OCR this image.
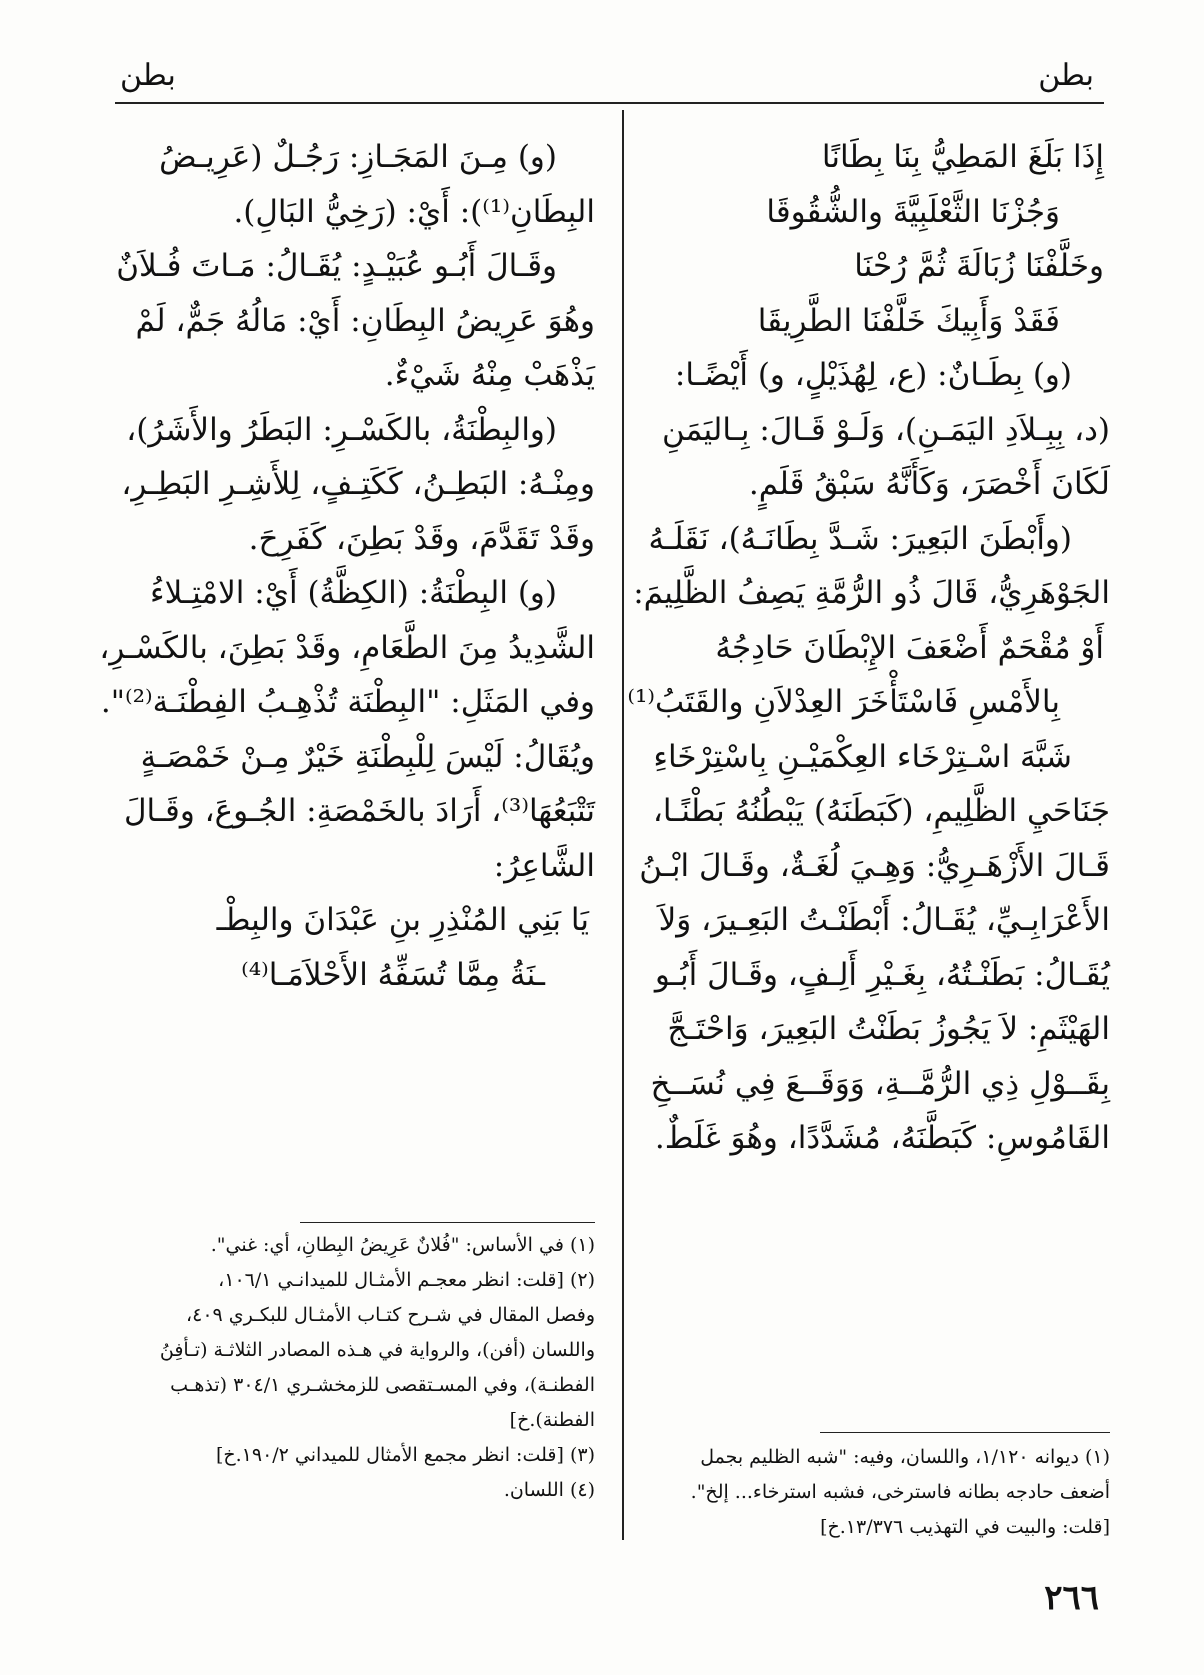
بطن
بطن
إِذَا بَلَغَ المَطِيُّ بِنَا بِطَانًا
وَجُزْنَا الثَّعْلَبِيَّةَ والشُّقُوقَا
وخَلَّفْنَا زُبَالَةَ ثُمَّ رُحْنَا
فَقَدْ وَأَبِيكَ خَلَّفْنَا الطَّرِيقَا
(و) بِطَـانٌ: (ع، لِهُذَيْلٍ، و) أَيْضًـا:
(د، بِبِـلاَدِ اليَمَـنِ)، وَلَـوْ قَـالَ: بِـاليَمَنِ
لَكَانَ أَخْصَرَ، وَكَأَنَّهُ سَبْقُ قَلَمٍ.
(وأَبْطَنَ البَعِيرَ: شَـدَّ بِطَانَـهُ)، نَقَلَـهُ
الجَوْهَرِيُّ، قَالَ ذُو الرُّمَّةِ يَصِفُ الظَّلِيمَ:
أَوْ مُقْحَمٌ أَضْعَفَ الإِبْطَانَ حَادِجُهُ
بِالأَمْسِ فَاسْتَأْخَرَ العِدْلاَنِ والقَتَبُ⁽¹⁾
شَبَّهَ اسْـتِرْخَاء العِكْمَيْـنِ بِاسْتِرْخَاءِ
جَنَاحَيِ الظَّلِيمِ، (كَبَطَنَهُ) يَبْطُنُهُ بَطْنًـا،
قَـالَ الأَزْهَـرِيُّ: وَهِـيَ لُغَـةٌ، وقَـالَ ابْـنُ
الأَعْرَابِـيِّ، يُقَـالُ: أَبْطَنْـتُ البَعِـيرَ، وَلاَ
يُقَـالُ: بَطَنْـتُهُ، بِغَـيْرِ أَلِـفٍ، وقَـالَ أَبُـو
الهَيْثَمِ: لاَ يَجُوزُ بَطَنْتُ البَعِيرَ، وَاحْتَـجَّ
بِقَــوْلِ ذِي الرُّمَّــةِ، وَوَقَــعَ فِي نُسَــخِ
القَامُوسِ: كَبَطَّنَهُ، مُشَدَّدًا، وهُوَ غَلَطٌ.
(١) ديوانه ١/١٢٠، واللسان، وفيه: "شبه الظليم بجمل
أضعف حادجه بطانه فاسترخى، فشبه استرخاء... إلخ".
[قلت: والبيت في التهذيب ١٣/٣٧٦.خ]
(و) مِـنَ المَجَـازِ: رَجُـلٌ (عَرِيـضُ
البِطَانِ⁽¹⁾): أَيْ: (رَخِيُّ البَالِ).
وقَـالَ أَبُـو عُبَيْـدٍ: يُقَـالُ: مَـاتَ فُـلاَنٌ
وهُوَ عَرِيضُ البِطَانِ: أَيْ: مَالُهُ جَمٌّ، لَمْ
يَذْهَبْ مِنْهُ شَيْءٌ.
(والبِطْنَةُ، بالكَسْـرِ: البَطَرُ والأَشَرُ)،
ومِنْـهُ: البَطِـنُ، كَكَتِـفٍ، لِلأَشِـرِ البَطِـرِ،
وقَدْ تَقَدَّمَ، وقَدْ بَطِنَ، كَفَرِحَ.
(و) البِطْنَةُ: (الكِظَّةُ) أَيْ: الامْتِـلاءُ
الشَّدِيدُ مِنَ الطَّعَامِ، وقَدْ بَطِنَ، بالكَسْـرِ،
وفي المَثَلِ: "البِطْنَة تُذْهِـبُ الفِطْنَـة⁽²⁾".
ويُقَالُ: لَيْسَ لِلْبِطْنَةِ خَيْرٌ مِـنْ خَمْصَـةٍ
تَتْبَعُهَا⁽³⁾، أَرَادَ بالخَمْصَةِ: الجُـوعَ، وقَـالَ
الشَّاعِرُ:
يَا بَنِي المُنْذِرِ بنِ عَبْدَانَ والبِطْـ
ـنَةُ مِمَّا تُسَفِّهُ الأَحْلاَمَـا⁽⁴⁾
(١) في الأساس: "فُلانٌ عَرِيضُ البِطانِ، أي: غني".
(٢) [قلت: انظر معجـم الأمثـال للميدانـي ١٠٦/١،
وفصل المقال في شـرح كتـاب الأمثـال للبكـري ٤٠٩،
واللسان (أفن)، والرواية في هـذه المصادر الثلاثـة (تـأفِنُ
الفطنـة)، وفي المسـتقصى للزمخشـري ٣٠٤/١ (تذهـب
الفطنة).خ]
(٣) [قلت: انظر مجمع الأمثال للميداني ١٩٠/٢.خ]
(٤) اللسان.
٢٦٦
